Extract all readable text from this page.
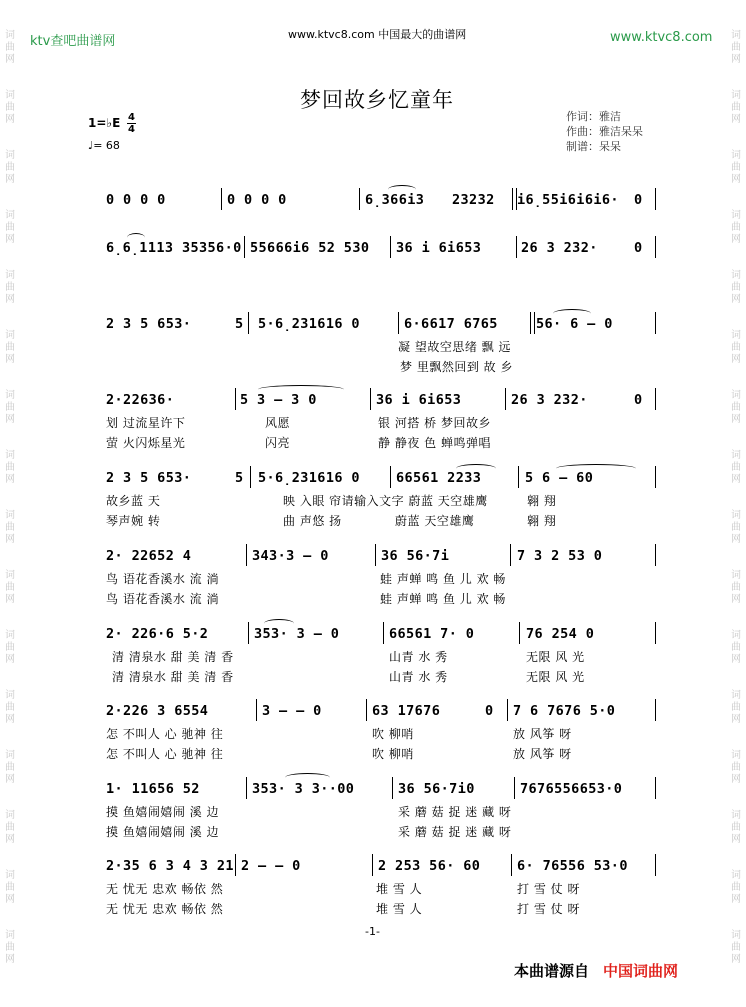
词
曲
网
词
曲
网
词
曲
网
词
曲
网
词
曲
网
词
曲
网
词
曲
网
词
曲
网
词
曲
网
词
曲
网
词
曲
网
词
曲
网
词
曲
网
词
曲
网
词
曲
网
词
曲
网
词
曲
网
词
曲
网
词
曲
网
词
曲
网
词
曲
网
词
曲
网
词
曲
网
词
曲
网
词
曲
网
词
曲
网
词
曲
网
词
曲
网
词
曲
网
词
曲
网
词
曲
网
词
曲
网
ktv查吧曲谱网	www.ktvc8.com 中国最大的曲谱网	www.ktvc8.com
梦回故乡忆童年
1=♭E 4
4
♩= 68
作词：雅洁
作曲：雅洁呆呆
制谱：呆呆
0 0 0 0	0 0 0 0	6̣366i3 23232 i6̣55i6i6i6· 0
6̣6̣1113 35356·0 55666i6 52 530 36 i 6i653	26 3 232·	0
2 3 5 653·	5 5·6̣231616 0	6·6617 6765	56· 6 — 0
凝 望故空思绪 飘 远
梦 里飘然回到 故 乡
2·22636·	5 3 — 3 0	36 i 6i653	26 3 232·	0
划 过流星许下	风愿	银 河搭 桥 梦回故乡
萤 火闪烁星光	闪亮	静 静夜 色 蝉鸣弹唱
2 3 5 653·	5 5·6̣231616 0	66561 2233	5 6 — 60
故乡蓝 天	映 入眼 帘请输入文字 蔚蓝 天空雄鹰	翱 翔
琴声婉 转	曲 声悠 扬	蔚蓝 天空雄鹰	翱 翔
2· 22652 4	343·3 — 0	36 56·7i	7 3 2 53 0
鸟 语花香溪水 流 淌	蛙 声蝉 鸣 鱼 儿 欢 畅
鸟 语花香溪水 流 淌	蛙 声蝉 鸣 鱼 儿 欢 畅
2· 226·6 5·2	353· 3 — 0	66561 7· 0	76 254 0
清 清泉水 甜 美 清 香	山青 水 秀	无限 风 光
清 清泉水 甜 美 清 香	山青 水 秀	无限 风 光
2·226 3 6554	3 — — 0	63 17676	0 7 6 7676 5·0
怎 不叫人 心 驰神 往	吹 柳哨	放 风筝 呀
怎 不叫人 心 驰神 往	吹 柳哨	放 风筝 呀
1· 11656 52	353· 3 3··00	36 56·7i0	7676556653·0
摸 鱼嬉闹嬉闹 溪 边	采 蘑 菇 捉 迷 藏 呀
摸 鱼嬉闹嬉闹 溪 边	采 蘑 菇 捉 迷 藏 呀
2·35 6 3 4 3 21 2 — — 0	2 253 56· 60	6· 76556 53·0
无 忧无 忠欢 畅依 然	堆 雪 人	打 雪 仗 呀
无 忧无 忠欢 畅依 然	堆 雪 人	打 雪 仗 呀
-1-
本曲谱源自 中国词曲网
